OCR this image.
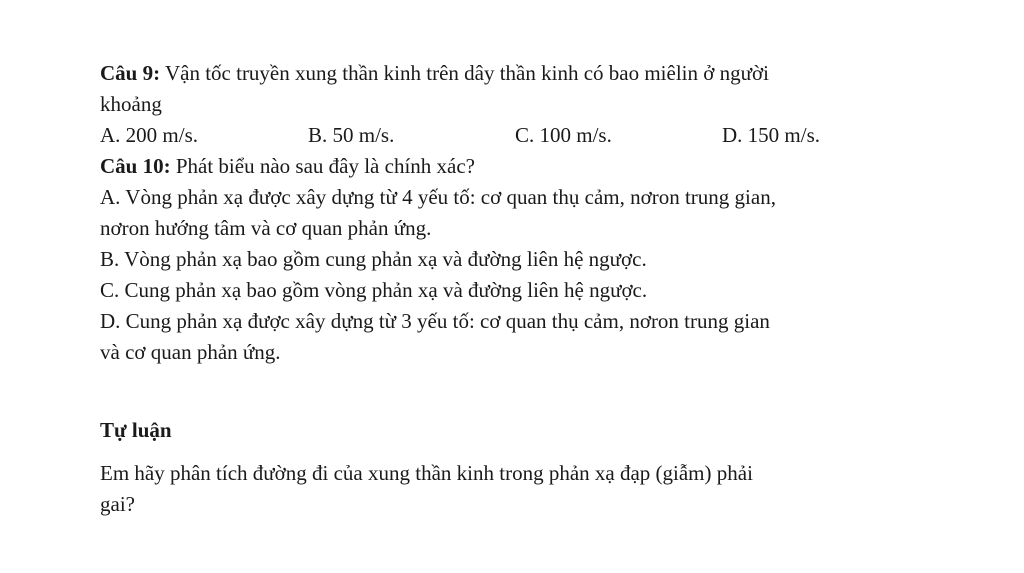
Câu 9: Vận tốc truyền xung thần kinh trên dây thần kinh có bao miêlin ở người
khoảng
A. 200 m/s.	B. 50 m/s.	C. 100 m/s.	D. 150 m/s.
Câu 10: Phát biểu nào sau đây là chính xác?
A. Vòng phản xạ được xây dựng từ 4 yếu tố: cơ quan thụ cảm, nơron trung gian,
nơron hướng tâm và cơ quan phản ứng.
B. Vòng phản xạ bao gồm cung phản xạ và đường liên hệ ngược.
C. Cung phản xạ bao gồm vòng phản xạ và đường liên hệ ngược.
D. Cung phản xạ được xây dựng từ 3 yếu tố: cơ quan thụ cảm, nơron trung gian
và cơ quan phản ứng.
Tự luận
Em hãy phân tích đường đi của xung thần kinh trong phản xạ đạp (giẫm) phải
gai?
